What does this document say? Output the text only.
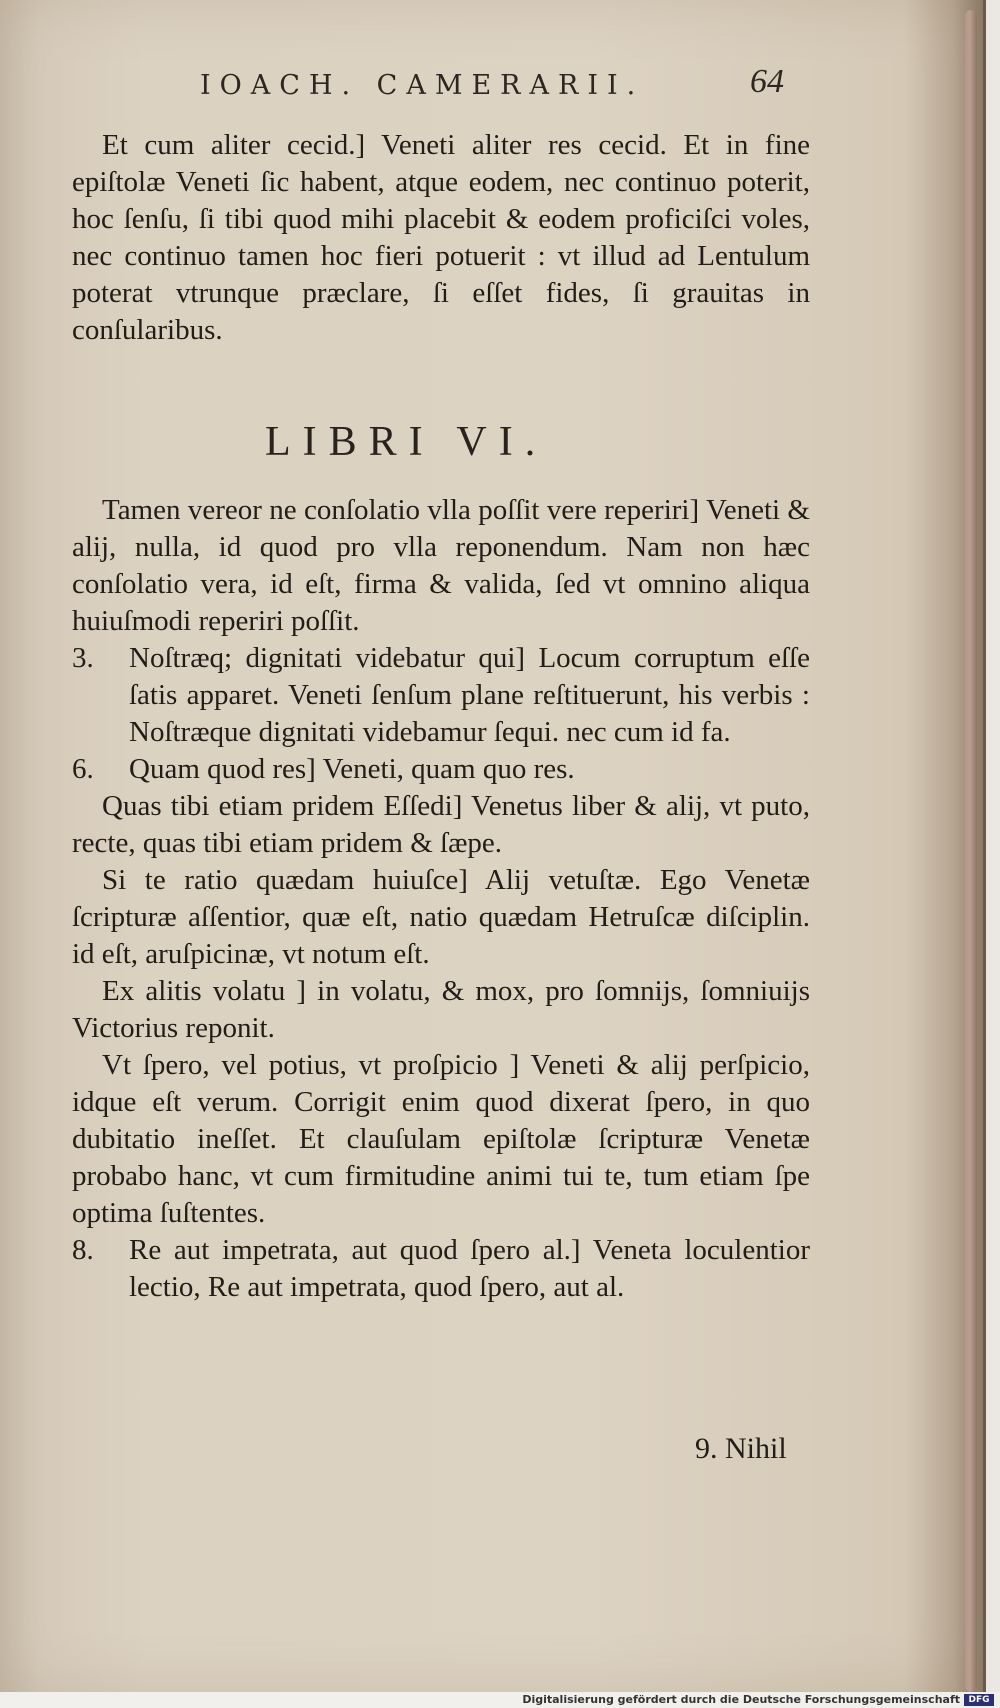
IOACH. CAMERARII.	64

Et cum aliter cecid.] Veneti aliter res cecid. Et in fine epiſtolæ Veneti ſic habent, atque eodem, nec continuo poterit, hoc ſenſu, ſi tibi quod mihi placebit & eodem proficiſci voles, nec continuo tamen hoc fieri potuerit : vt illud ad Lentulum poterat vtrunque præclare, ſi eſſet fides, ſi grauitas in conſularibus.

LIBRI VI.

Tamen vereor ne conſolatio vlla poſſit vere reperiri] Veneti & alij, nulla, id quod pro vlla reponendum. Nam non hæc conſolatio vera, id eſt, firma & valida, ſed vt omnino aliqua huiuſmodi reperiri poſſit.

3.	Noſtræq; dignitati videbatur qui] Locum corruptum eſſe ſatis apparet. Veneti ſenſum plane reſtituerunt, his verbis : Noſtræque dignitati videbamur ſequi. nec cum id fa.
6.	Quam quod res] Veneti, quam quo res.

Quas tibi etiam pridem Eſſedi] Venetus liber & alij, vt puto, recte, quas tibi etiam pridem & ſæpe.

Si te ratio quædam huiuſce] Alij vetuſtæ. Ego Venetæ ſcripturæ aſſentior, quæ eſt, natio quædam Hetruſcæ diſciplin. id eſt, aruſpicinæ, vt notum eſt.

Ex alitis volatu ] in volatu, & mox, pro ſomnijs, ſomniuijs Victorius reponit.

Vt ſpero, vel potius, vt proſpicio ] Veneti & alij perſpicio, idque eſt verum. Corrigit enim quod dixerat ſpero, in quo dubitatio ineſſet. Et clauſulam epiſtolæ ſcripturæ Venetæ probabo hanc, vt cum firmitudine animi tui te, tum etiam ſpe optima ſuſtentes.

8.	Re aut impetrata, aut quod ſpero al.] Veneta loculentior lectio, Re aut impetrata, quod ſpero, aut al.
9. Nihil
Digitalisierung gefördert durch die Deutsche Forschungsgemeinschaft DFG
